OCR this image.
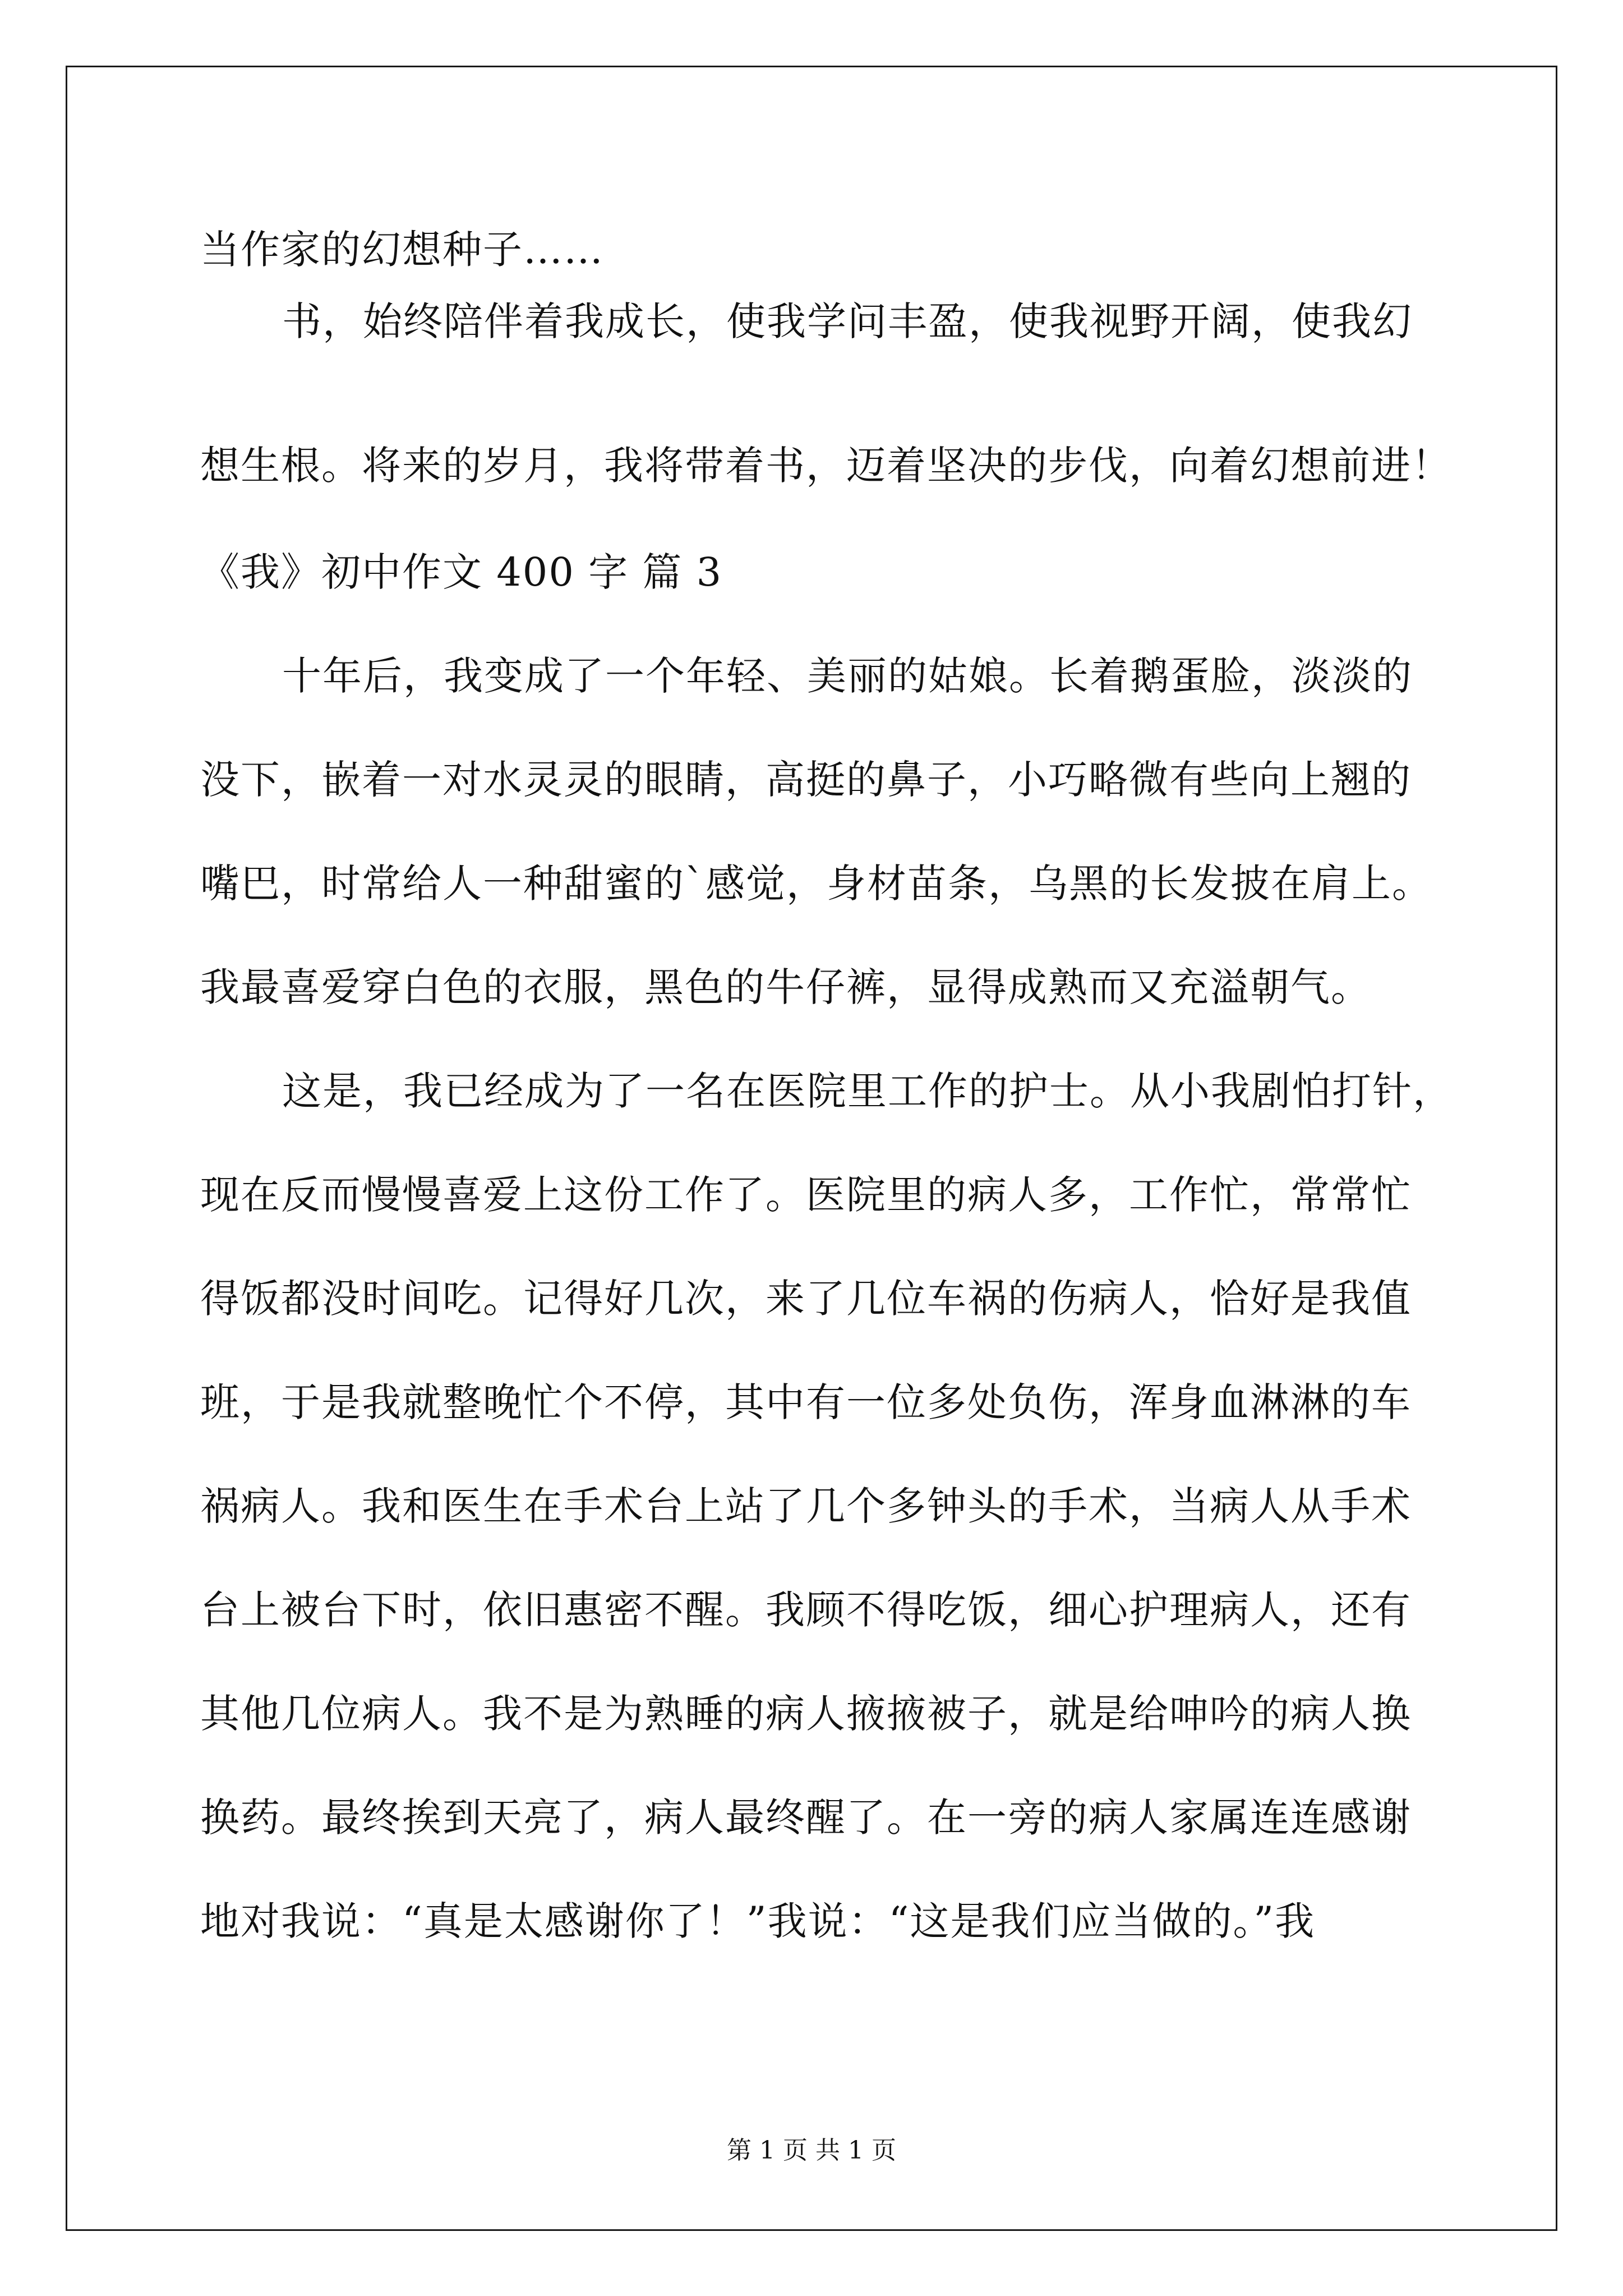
当作家的幻想种子……
书，始终陪伴着我成长，使我学问丰盈，使我视野开阔，使我幻
想生根。将来的岁月，我将带着书，迈着坚决的步伐，向着幻想前进！
《我》初中作文 400 字 篇 3
十年后，我变成了一个年轻、美丽的姑娘。长着鹅蛋脸，淡淡的
没下，嵌着一对水灵灵的眼睛，高挺的鼻子，小巧略微有些向上翘的
嘴巴，时常给人一种甜蜜的`感觉，身材苗条，乌黑的长发披在肩上。
我最喜爱穿白色的衣服，黑色的牛仔裤，显得成熟而又充溢朝气。
这是，我已经成为了一名在医院里工作的护士。从小我剧怕打针，
现在反而慢慢喜爱上这份工作了。医院里的病人多，工作忙，常常忙
得饭都没时间吃。记得好几次，来了几位车祸的伤病人，恰好是我值
班，于是我就整晚忙个不停，其中有一位多处负伤，浑身血淋淋的车
祸病人。我和医生在手术台上站了几个多钟头的手术，当病人从手术
台上被台下时，依旧惠密不醒。我顾不得吃饭，细心护理病人，还有
其他几位病人。我不是为熟睡的病人掖掖被子，就是给呻吟的病人换
换药。最终挨到天亮了，病人最终醒了。在一旁的病人家属连连感谢
地对我说：“真是太感谢你了！”我说：“这是我们应当做的。”我
第 1 页 共 1 页
